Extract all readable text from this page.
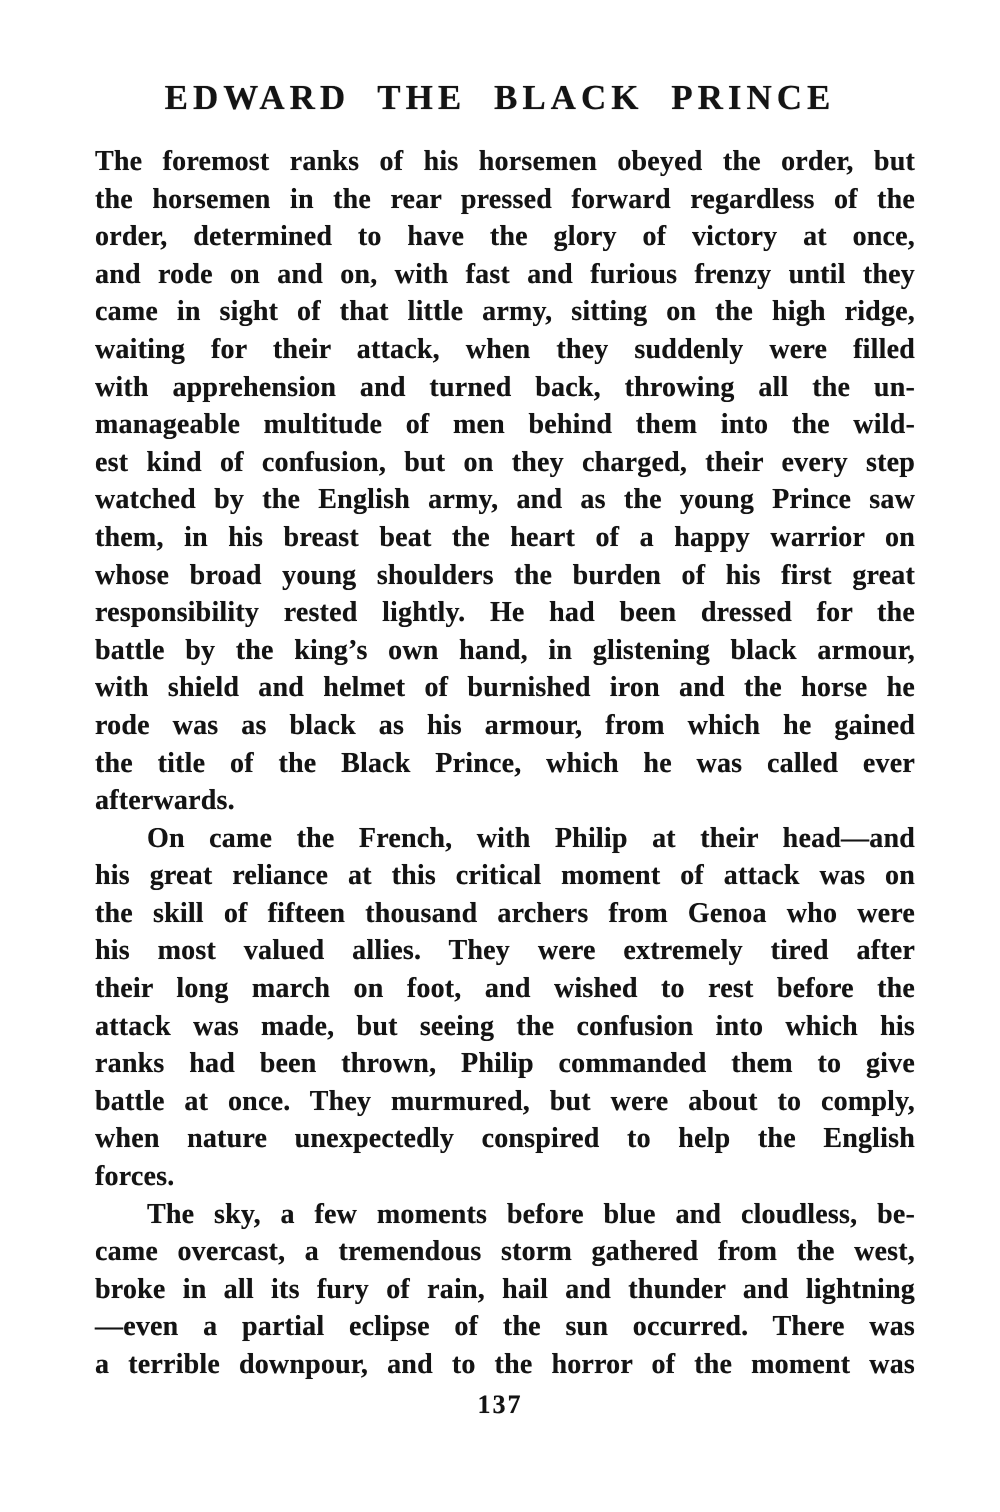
EDWARD THE BLACK PRINCE
The foremost ranks of his horsemen obeyed the order, but
the horsemen in the rear pressed forward regardless of the
order, determined to have the glory of victory at once,
and rode on and on, with fast and furious frenzy until they
came in sight of that little army, sitting on the high ridge,
waiting for their attack, when they suddenly were filled
with apprehension and turned back, throwing all the un-
manageable multitude of men behind them into the wild-
est kind of confusion, but on they charged, their every step
watched by the English army, and as the young Prince saw
them, in his breast beat the heart of a happy warrior on
whose broad young shoulders the burden of his first great
responsibility rested lightly. He had been dressed for the
battle by the king’s own hand, in glistening black armour,
with shield and helmet of burnished iron and the horse he
rode was as black as his armour, from which he gained
the title of the Black Prince, which he was called ever
afterwards.
On came the French, with Philip at their head—and
his great reliance at this critical moment of attack was on
the skill of fifteen thousand archers from Genoa who were
his most valued allies. They were extremely tired after
their long march on foot, and wished to rest before the
attack was made, but seeing the confusion into which his
ranks had been thrown, Philip commanded them to give
battle at once. They murmured, but were about to comply,
when nature unexpectedly conspired to help the English
forces.
The sky, a few moments before blue and cloudless, be-
came overcast, a tremendous storm gathered from the west,
broke in all its fury of rain, hail and thunder and lightning
—even a partial eclipse of the sun occurred. There was
a terrible downpour, and to the horror of the moment was
137
